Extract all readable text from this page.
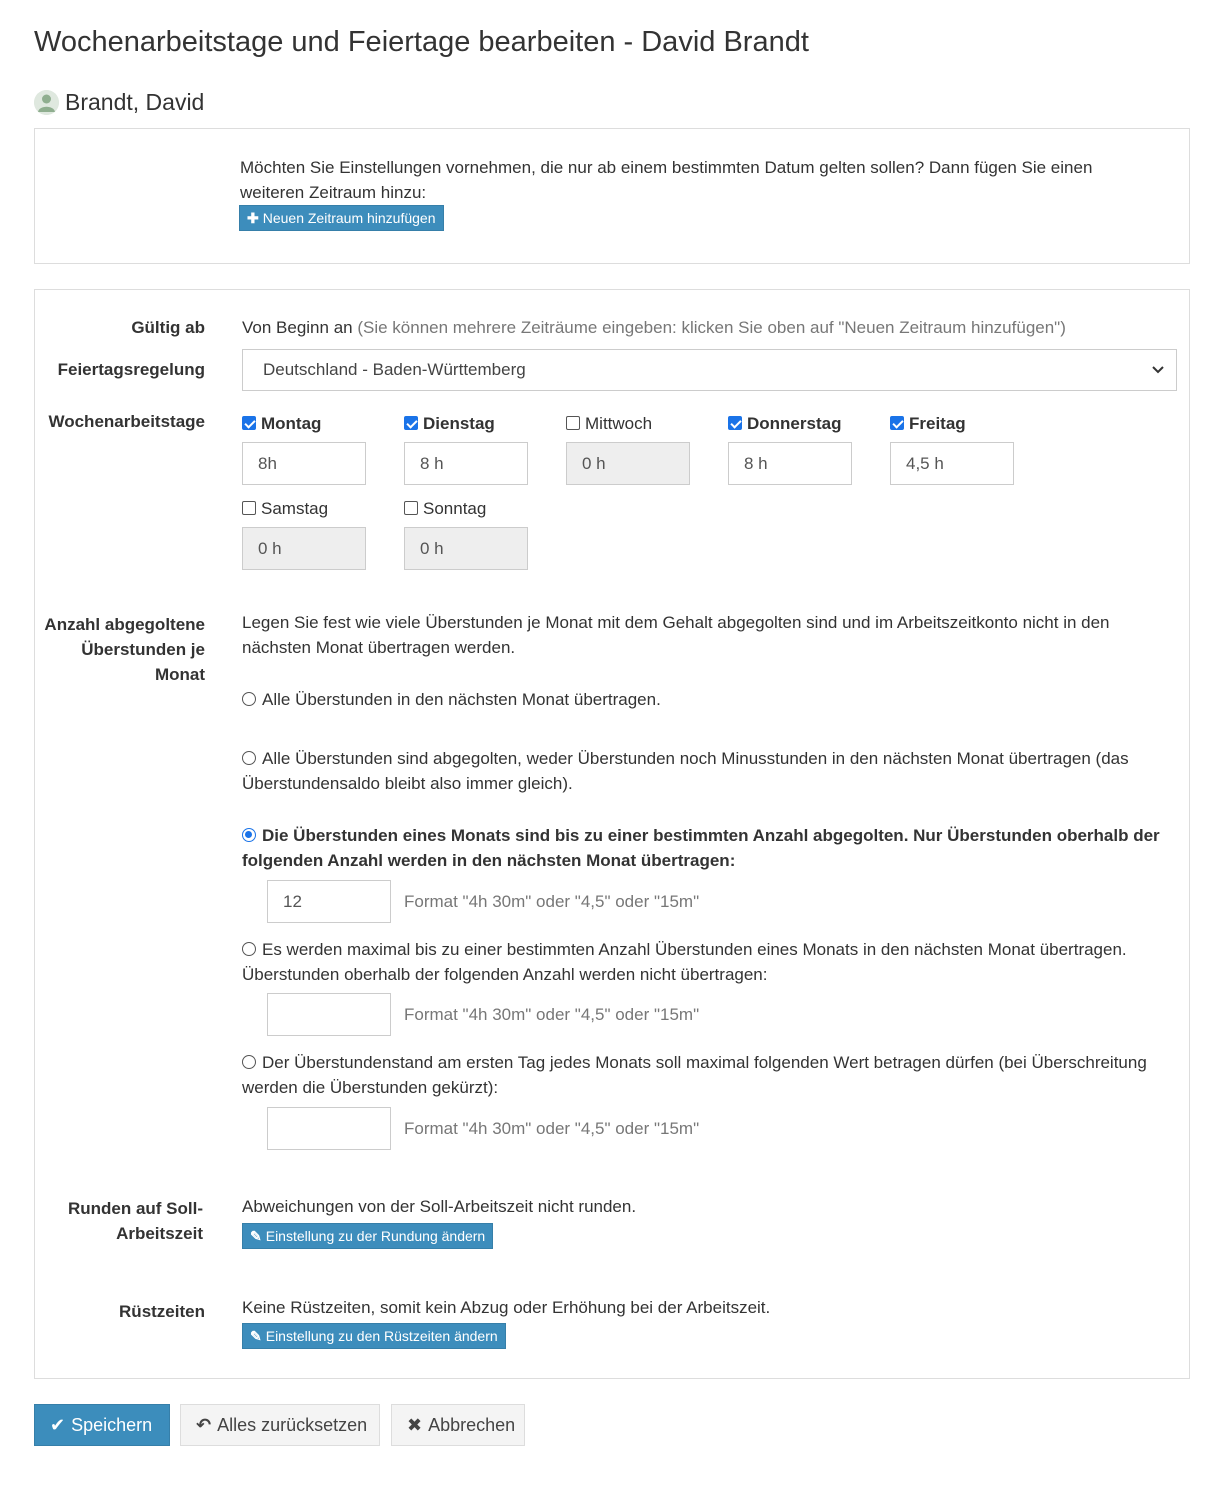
Wochenarbeitstage und Feiertage bearbeiten - David Brandt
Brandt, David
Möchten Sie Einstellungen vornehmen, die nur ab einem bestimmten Datum gelten sollen? Dann fügen Sie einen weiteren Zeitraum hinzu:
✚ Neuen Zeitraum hinzufügen
Gültig ab Von Beginn an (Sie können mehrere Zeiträume eingeben: klicken Sie oben auf "Neuen Zeitraum hinzufügen")
Feiertagsregelung	Deutschland - Baden-Württemberg
Wochenarbeitstage	Montag
8h
Dienstag
8 h
Mittwoch
0 h
Donnerstag
8 h
Freitag
4,5 h
Samstag
0 h
Sonntag
0 h
Anzahl abgegoltene Überstunden je Monat
Legen Sie fest wie viele Überstunden je Monat mit dem Gehalt abgegolten sind und im Arbeitszeitkonto nicht in den nächsten Monat übertragen werden.
Alle Überstunden in den nächsten Monat übertragen.
Alle Überstunden sind abgegolten, weder Überstunden noch Minusstunden in den nächsten Monat übertragen (das Überstundensaldo bleibt also immer gleich).
Die Überstunden eines Monats sind bis zu einer bestimmten Anzahl abgegolten. Nur Überstunden oberhalb der folgenden Anzahl werden in den nächsten Monat übertragen:
12	Format "4h 30m" oder "4,5" oder "15m"
Es werden maximal bis zu einer bestimmten Anzahl Überstunden eines Monats in den nächsten Monat übertragen. Überstunden oberhalb der folgenden Anzahl werden nicht übertragen:
Format "4h 30m" oder "4,5" oder "15m"
Der Überstundenstand am ersten Tag jedes Monats soll maximal folgenden Wert betragen dürfen (bei Überschreitung werden die Überstunden gekürzt):
Format "4h 30m" oder "4,5" oder "15m"
Runden auf Soll-Arbeitszeit
Abweichungen von der Soll-Arbeitszeit nicht runden.
✎ Einstellung zu der Rundung ändern
Rüstzeiten Keine Rüstzeiten, somit kein Abzug oder Erhöhung bei der Arbeitszeit.
✎ Einstellung zu den Rüstzeiten ändern
✔ Speichern	↶ Alles zurücksetzen	✖ Abbrechen
